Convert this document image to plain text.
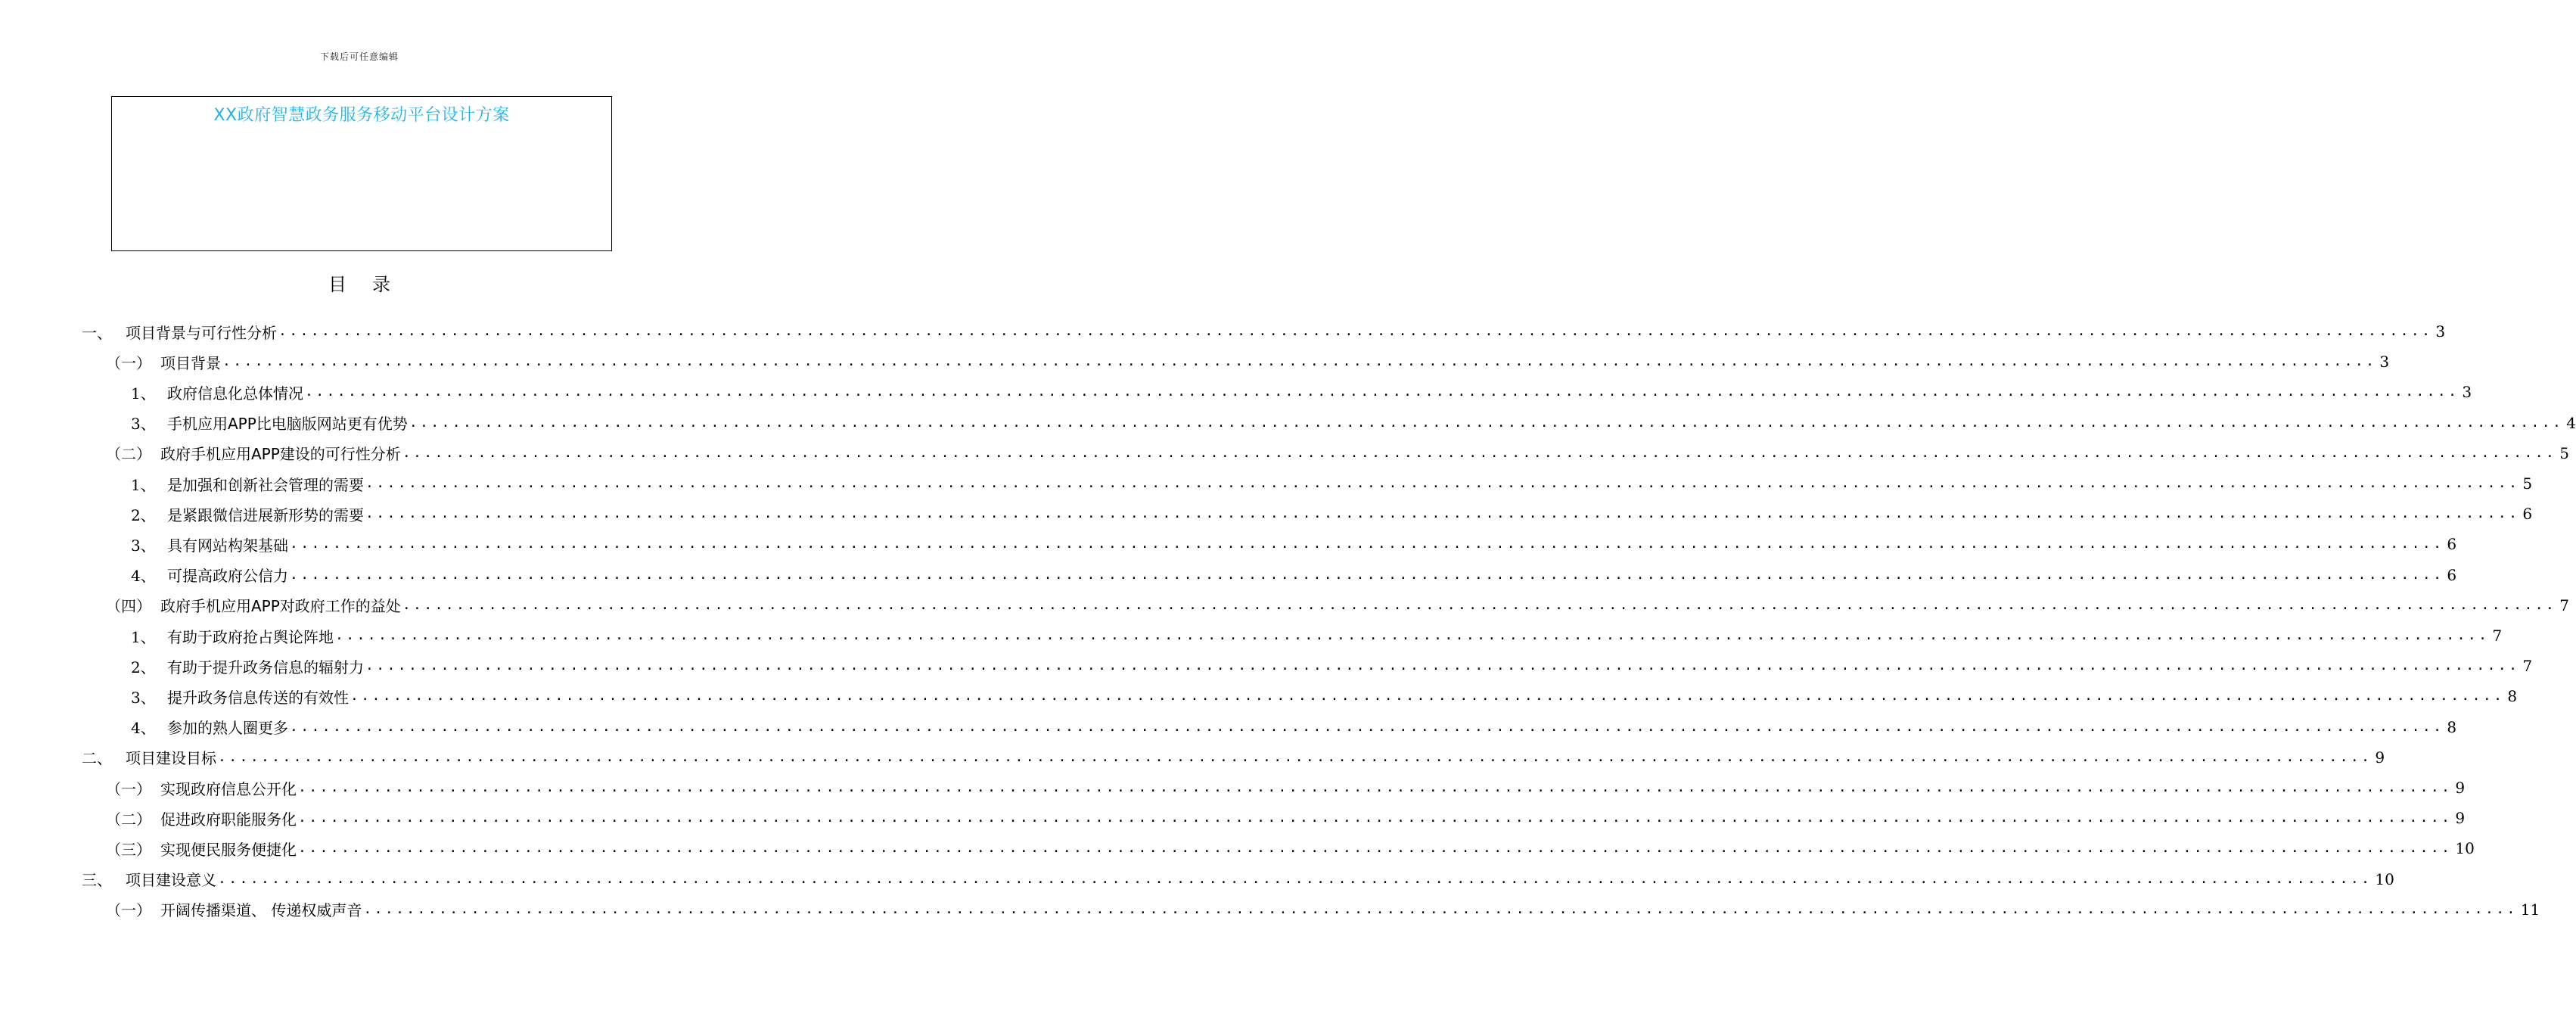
下载后可任意编辑
XX政府智慧政务服务移动平台设计方案
目 录
一、 项目背景与可行性分析 ........................................................................................................................................................................................................ 3
（一） 项目背景 ........................................................................................................................................................................................................ 3
1、 政府信息化总体情况 ........................................................................................................................................................................................................ 3
3、 手机应用APP比电脑版网站更有优势 ........................................................................................................................................................................................................ 4
（二） 政府手机应用APP建设的可行性分析 ........................................................................................................................................................................................................ 5
1、 是加强和创新社会管理的需要 ........................................................................................................................................................................................................ 5
2、 是紧跟微信进展新形势的需要 ........................................................................................................................................................................................................ 6
3、 具有网站构架基础 ........................................................................................................................................................................................................ 6
4、 可提高政府公信力 ........................................................................................................................................................................................................ 6
（四） 政府手机应用APP对政府工作的益处 ........................................................................................................................................................................................................ 7
1、 有助于政府抢占舆论阵地 ........................................................................................................................................................................................................ 7
2、 有助于提升政务信息的辐射力 ........................................................................................................................................................................................................ 7
3、 提升政务信息传送的有效性 ........................................................................................................................................................................................................ 8
4、 参加的熟人圈更多 ........................................................................................................................................................................................................ 8
二、 项目建设目标 ........................................................................................................................................................................................................ 9
（一） 实现政府信息公开化 ........................................................................................................................................................................................................ 9
（二） 促进政府职能服务化 ........................................................................................................................................................................................................ 9
（三） 实现便民服务便捷化 ........................................................................................................................................................................................................ 10
三、 项目建设意义 ........................................................................................................................................................................................................ 10
（一） 开阔传播渠道、 传递权威声音 ........................................................................................................................................................................................................ 11
